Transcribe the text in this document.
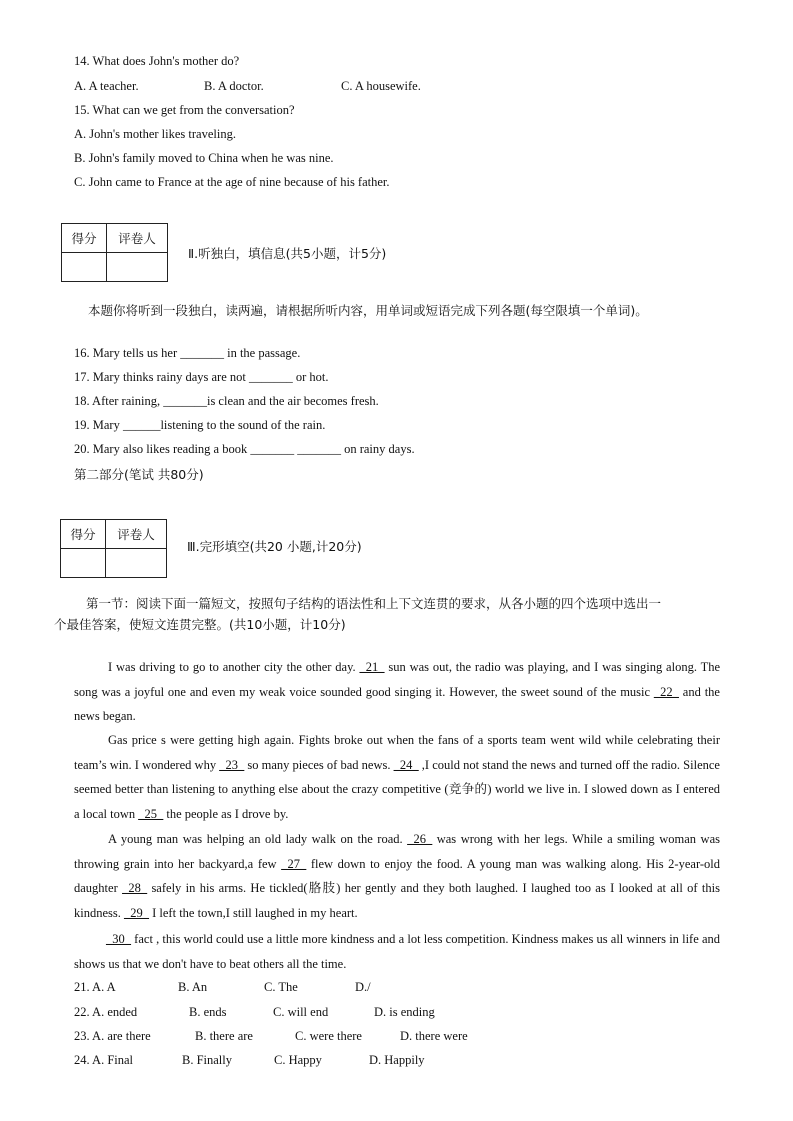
14. What does John's mother do?
A. A teacher.	B. A doctor.	C. A housewife.
15. What can we get from the conversation?
A. John's mother likes traveling.
B. John's family moved to China when he was nine.
C. John came to France at the age of nine because of his father.
得分	评卷人

Ⅱ.听独白，填信息(共5小题，计5分)
本题你将听到一段独白，读两遍，请根据所听内容，用单词或短语完成下列各题(每空限填一个单词)。
16. Mary tells us her _______ in the passage.
17. Mary thinks rainy days are not _______ or hot.
18. After raining, _______is clean and the air becomes fresh.
19. Mary ______listening to the sound of the rain.
20. Mary also likes reading a book _______ _______ on rainy days.
第二部分(笔试 共80分)
得分	评卷人

Ⅲ.完形填空(共20 小题,计20分)
第一节：阅读下面一篇短文，按照句子结构的语法性和上下文连贯的要求，从各小题的四个选项中选出一
个最佳答案，使短文连贯完整。(共10小题，计10分)
I was driving to go to another city the other day. _21_ sun was out, the radio was playing, and I was singing along. The song was a joyful one and even my weak voice sounded good singing it. However, the sweet sound of the music _22_ and the news began.
Gas price s were getting high again. Fights broke out when the fans of a sports team went wild while celebrating their team’s win. I wondered why _23_ so many pieces of bad news. _24_ ,I could not stand the news and turned off the radio. Silence seemed better than listening to anything else about the crazy competitive (竞争的) world we live in. I slowed down as I entered a local town _25_ the people as I drove by.
A young man was helping an old lady walk on the road. _26_ was wrong with her legs. While a smiling woman was throwing grain into her backyard,a few _27_ flew down to enjoy the food. A young man was walking along. His 2-year-old daughter _28_ safely in his arms. He tickled(胳肢) her gently and they both laughed. I laughed too as I looked at all of this kindness. _29_ I left the town,I still laughed in my heart.
_30_ fact , this world could use a little more kindness and a lot less competition. Kindness makes us all winners in life and shows us that we don't have to beat others all the time.
21. A. A	B. An	C. The	D./
22. A. ended	B. ends	C. will end	D. is ending
23. A. are there	B. there are	C. were there	D. there were
24. A. Final	B. Finally	C. Happy	D. Happily
